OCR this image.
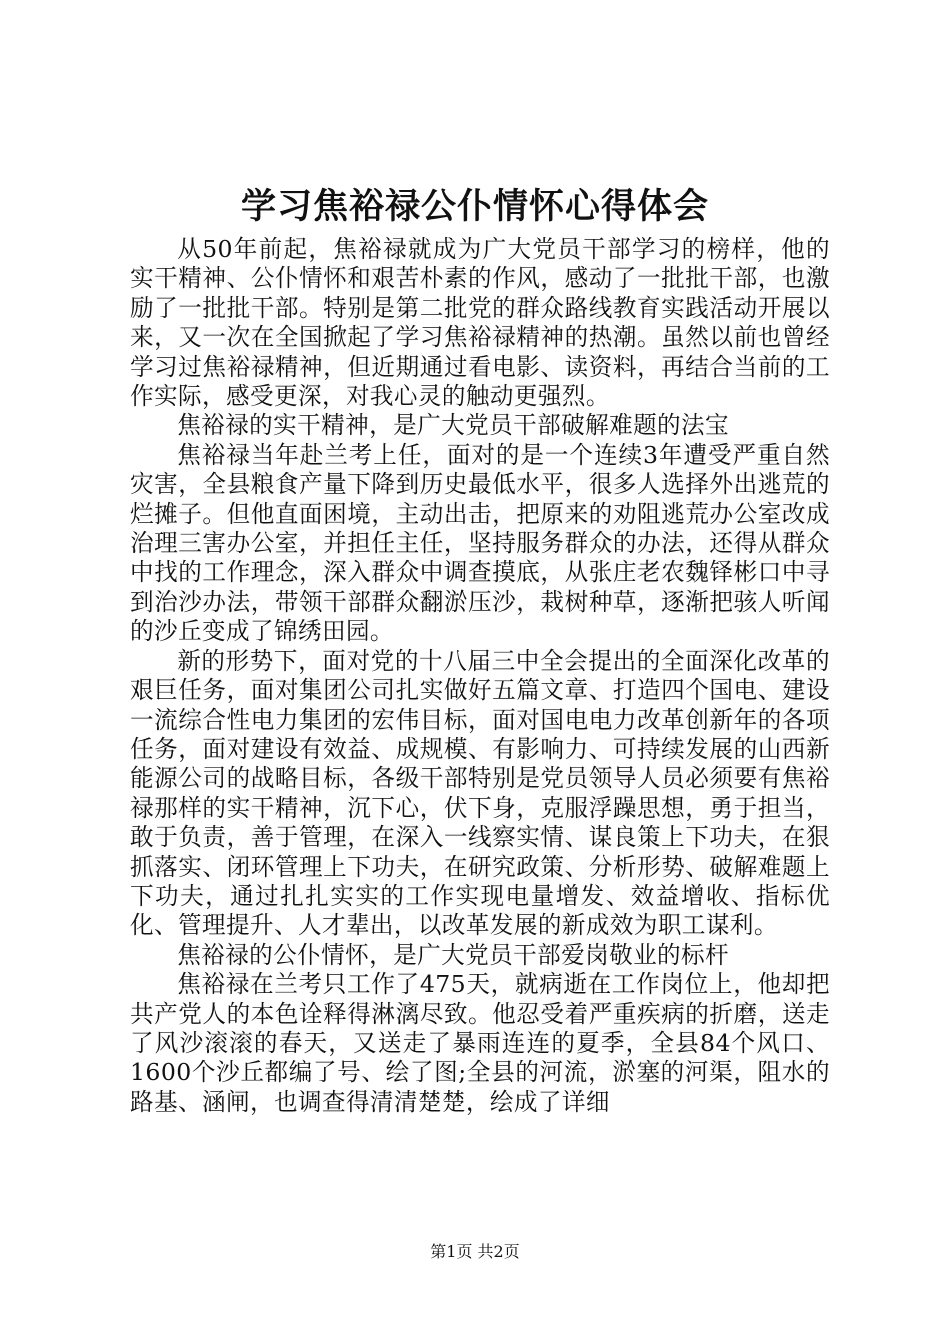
学习焦裕禄公仆情怀心得体会

从50年前起，焦裕禄就成为广大党员干部学习的榜样，他的实干精神、公仆情怀和艰苦朴素的作风，感动了一批批干部，也激励了一批批干部。特别是第二批党的群众路线教育实践活动开展以来，又一次在全国掀起了学习焦裕禄精神的热潮。虽然以前也曾经学习过焦裕禄精神，但近期通过看电影、读资料，再结合当前的工作实际，感受更深，对我心灵的触动更强烈。

焦裕禄的实干精神，是广大党员干部破解难题的法宝

焦裕禄当年赴兰考上任，面对的是一个连续3年遭受严重自然灾害，全县粮食产量下降到历史最低水平，很多人选择外出逃荒的烂摊子。但他直面困境，主动出击，把原来的劝阻逃荒办公室改成治理三害办公室，并担任主任，坚持服务群众的办法，还得从群众中找的工作理念，深入群众中调查摸底，从张庄老农魏铎彬口中寻到治沙办法，带领干部群众翻淤压沙，栽树种草，逐渐把骇人听闻的沙丘变成了锦绣田园。

新的形势下，面对党的十八届三中全会提出的全面深化改革的艰巨任务，面对集团公司扎实做好五篇文章、打造四个国电、建设一流综合性电力集团的宏伟目标，面对国电电力改革创新年的各项任务，面对建设有效益、成规模、有影响力、可持续发展的山西新能源公司的战略目标，各级干部特别是党员领导人员必须要有焦裕禄那样的实干精神，沉下心，伏下身，克服浮躁思想，勇于担当，敢于负责，善于管理，在深入一线察实情、谋良策上下功夫，在狠抓落实、闭环管理上下功夫，在研究政策、分析形势、破解难题上下功夫，通过扎扎实实的工作实现电量增发、效益增收、指标优化、管理提升、人才辈出，以改革发展的新成效为职工谋利。

焦裕禄的公仆情怀，是广大党员干部爱岗敬业的标杆

焦裕禄在兰考只工作了475天，就病逝在工作岗位上，他却把共产党人的本色诠释得淋漓尽致。他忍受着严重疾病的折磨，送走了风沙滚滚的春天，又送走了暴雨连连的夏季，全县84个风口、1600个沙丘都编了号、绘了图;全县的河流，淤塞的河渠，阻水的路基、涵闸，也调查得清清楚楚，绘成了详细

第1页 共2页
